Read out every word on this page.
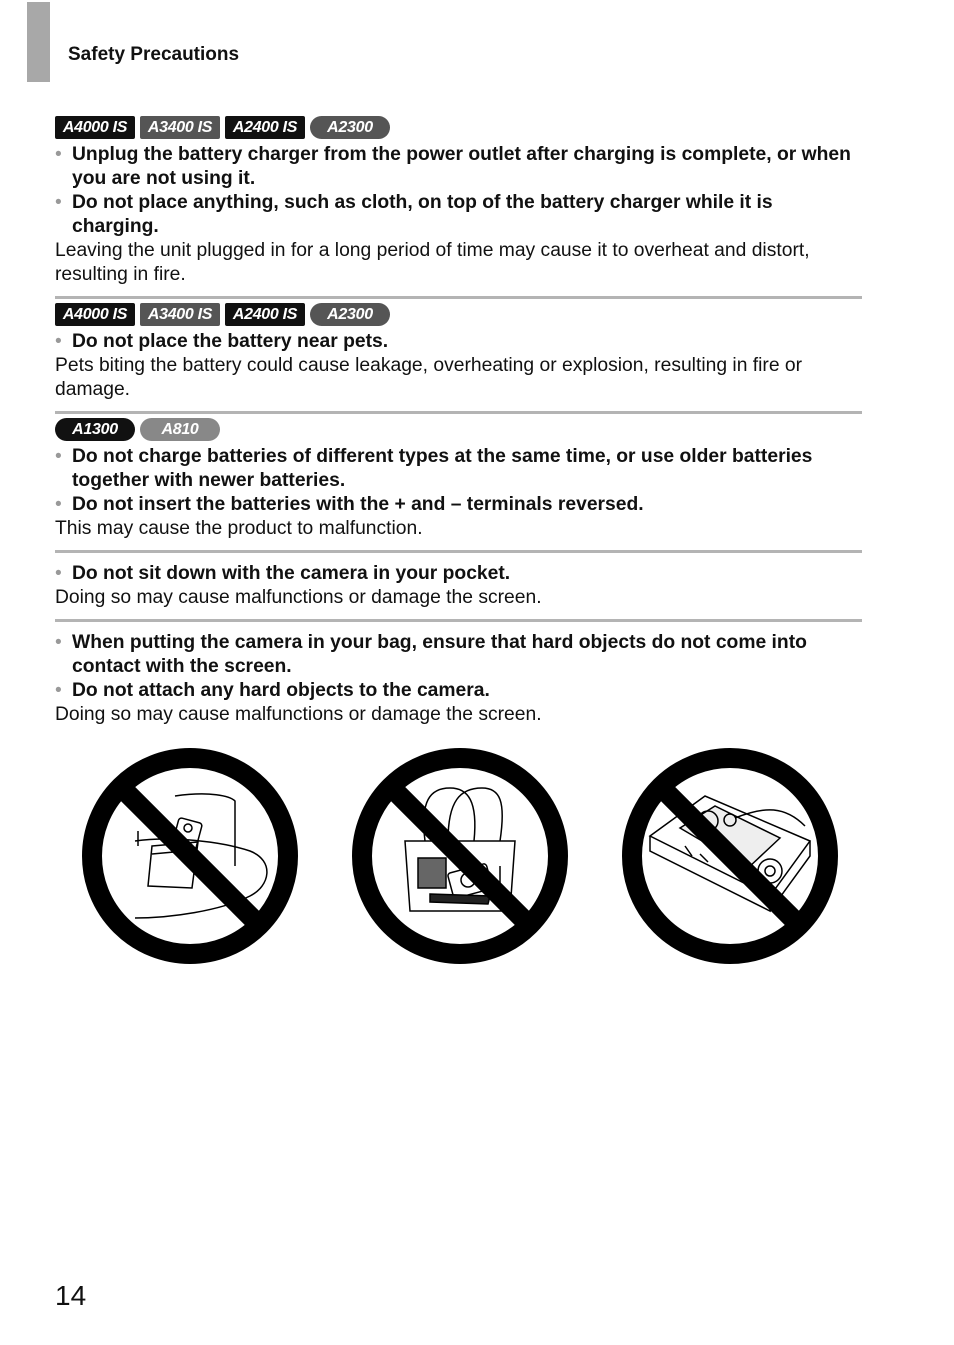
Safety Precautions
A4000 IS	A3400 IS	A2400 IS	A2300
• Unplug the battery charger from the power outlet after charging is complete, or when you are not using it.
• Do not place anything, such as cloth, on top of the battery charger while it is charging.

Leaving the unit plugged in for a long period of time may cause it to overheat and distort, resulting in fire.

A4000 IS	A3400 IS	A2400 IS	A2300
• Do not place the battery near pets.

Pets biting the battery could cause leakage, overheating or explosion, resulting in fire or damage.

A1300	A810
• Do not charge batteries of different types at the same time, or use older batteries together with newer batteries.
• Do not insert the batteries with the + and – terminals reversed.

This may cause the product to malfunction.

• Do not sit down with the camera in your pocket.

Doing so may cause malfunctions or damage the screen.

• When putting the camera in your bag, ensure that hard objects do not come into contact with the screen.
• Do not attach any hard objects to the camera.

Doing so may cause malfunctions or damage the screen.

14
